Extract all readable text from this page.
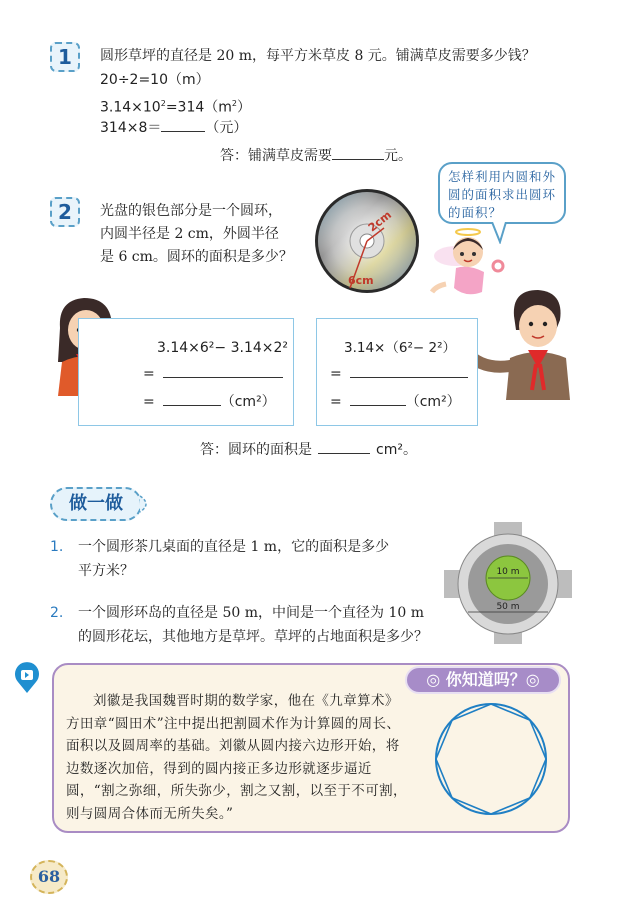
1	圆形草坪的直径是 20 m，每平方米草皮 8 元。铺满草皮需要多少钱？
20÷2=10（m）
$3.14\times 10^2=314(m^2)$
314×8＝	（元）
答：铺满草皮需要	元。
2	光盘的银色部分是一个圆环，
内圆半径是 2 cm，外圆半径
是 6 cm。圆环的面积是多少？
2cm
6cm
怎样利用内圆和外圆的面积求出圆环的面积？
3.14×6²− 3.14×2²
=
=	（cm²）
3.14×（6²− 2²）
=
=	（cm²）
答：圆环的面积是	cm²。
做一做
1. 一个圆形茶几桌面的直径是 1 m，它的面积是多少
平方米？
2. 一个圆形环岛的直径是 50 m，中间是一个直径为 10 m
的圆形花坛，其他地方是草坪。草坪的占地面积是多少？
10 m
50 m
◎ 你知道吗？◎
刘徽是我国魏晋时期的数学家，他在《九章算术》方田章“圆田术”注中提出把割圆术作为计算圆的周长、面积以及圆周率的基础。刘徽从圆内接六边形开始，将边数逐次加倍，得到的圆内接正多边形就逐步逼近圆，“割之弥细，所失弥少，割之又割，以至于不可割，则与圆周合体而无所失矣。”
68
